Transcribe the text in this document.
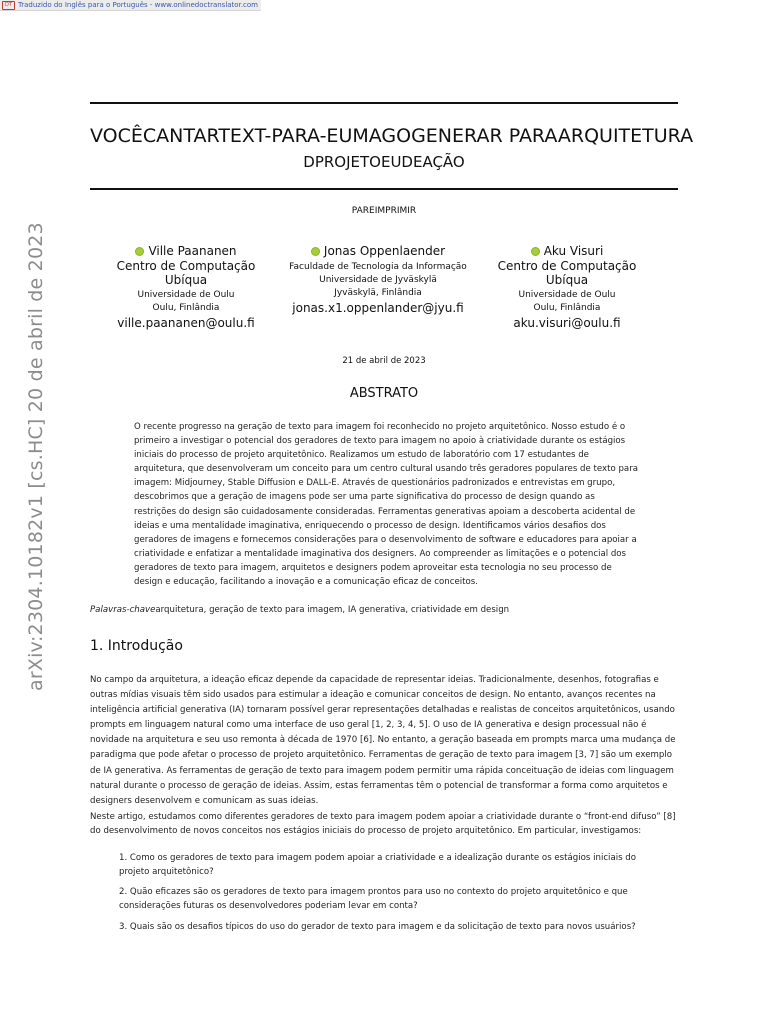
DT Traduzido do Inglês para o Português - www.onlinedoctranslator.com
arXiv:2304.10182v1 [cs.HC] 20 de abril de 2023
VOCÊCANTARTEXT-PARA-EUMAGOGENERAR PARAARQUITETURA
DPROJETOEUDEAÇÃO
PAREIMPRIMIR
Ville Paananen
Centro de Computação Ubíqua
Universidade de Oulu
Oulu, Finlândia
ville.paananen@oulu.fi
Jonas Oppenlaender
Faculdade de Tecnologia da Informação
Universidade de Jyväskylä
Jyväskylä, Finlândia
jonas.x1.oppenlander@jyu.fi
Aku Visuri
Centro de Computação Ubíqua
Universidade de Oulu
Oulu, Finlândia
aku.visuri@oulu.fi
21 de abril de 2023
ABSTRATO
O recente progresso na geração de texto para imagem foi reconhecido no projeto arquitetônico. Nosso estudo é o primeiro a investigar o potencial dos geradores de texto para imagem no apoio à criatividade durante os estágios iniciais do processo de projeto arquitetônico. Realizamos um estudo de laboratório com 17 estudantes de arquitetura, que desenvolveram um conceito para um centro cultural usando três geradores populares de texto para imagem: Midjourney, Stable Diffusion e DALL-E. Através de questionários padronizados e entrevistas em grupo, descobrimos que a geração de imagens pode ser uma parte significativa do processo de design quando as restrições do design são cuidadosamente consideradas. Ferramentas generativas apoiam a descoberta acidental de ideias e uma mentalidade imaginativa, enriquecendo o processo de design. Identificamos vários desafios dos geradores de imagens e fornecemos considerações para o desenvolvimento de software e educadores para apoiar a criatividade e enfatizar a mentalidade imaginativa dos designers. Ao compreender as limitações e o potencial dos geradores de texto para imagem, arquitetos e designers podem aproveitar esta tecnologia no seu processo de design e educação, facilitando a inovação e a comunicação eficaz de conceitos.
Palavras-chavearquitetura, geração de texto para imagem, IA generativa, criatividade em design
1. Introdução
No campo da arquitetura, a ideação eficaz depende da capacidade de representar ideias. Tradicionalmente, desenhos, fotografias e outras mídias visuais têm sido usados para estimular a ideação e comunicar conceitos de design. No entanto, avanços recentes na inteligência artificial generativa (IA) tornaram possível gerar representações detalhadas e realistas de conceitos arquitetônicos, usando prompts em linguagem natural como uma interface de uso geral [1, 2, 3, 4, 5]. O uso de IA generativa e design processual não é novidade na arquitetura e seu uso remonta à década de 1970 [6]. No entanto, a geração baseada em prompts marca uma mudança de paradigma que pode afetar o processo de projeto arquitetônico. Ferramentas de geração de texto para imagem [3, 7] são um exemplo de IA generativa. As ferramentas de geração de texto para imagem podem permitir uma rápida conceituação de ideias com linguagem natural durante o processo de geração de ideias. Assim, estas ferramentas têm o potencial de transformar a forma como arquitetos e designers desenvolvem e comunicam as suas ideias.
Neste artigo, estudamos como diferentes geradores de texto para imagem podem apoiar a criatividade durante o “front-end difuso” [8] do desenvolvimento de novos conceitos nos estágios iniciais do processo de projeto arquitetônico. Em particular, investigamos:
1. Como os geradores de texto para imagem podem apoiar a criatividade e a idealização durante os estágios iniciais do projeto arquitetônico?
2. Quão eficazes são os geradores de texto para imagem prontos para uso no contexto do projeto arquitetônico e que considerações futuras os desenvolvedores poderiam levar em conta?
3. Quais são os desafios típicos do uso do gerador de texto para imagem e da solicitação de texto para novos usuários?
